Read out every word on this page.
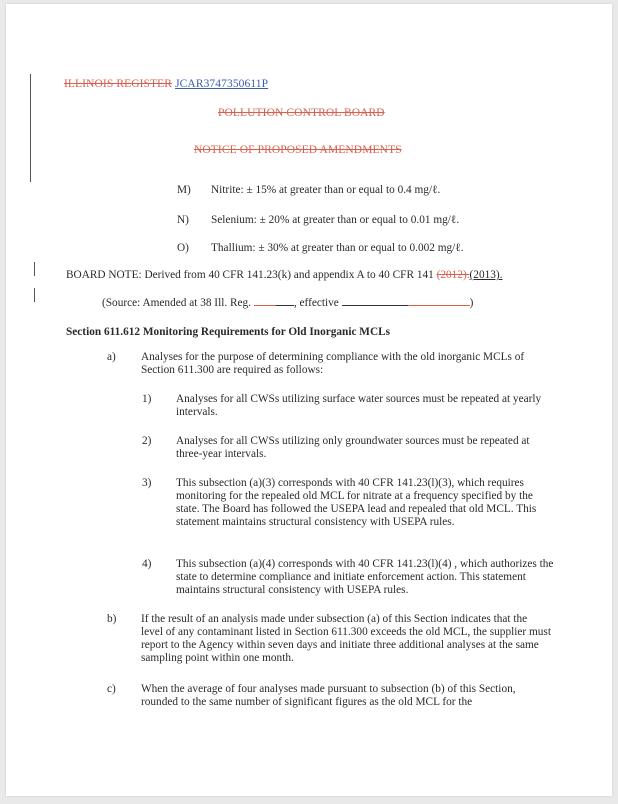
ILLINOIS REGISTER JCAR3747350611P
POLLUTION CONTROL BOARD
NOTICE OF PROPOSED AMENDMENTS
M) Nitrite: ± 15% at greater than or equal to 0.4 mg/ℓ.
N) Selenium: ± 20% at greater than or equal to 0.01 mg/ℓ.
O) Thallium: ± 30% at greater than or equal to 0.002 mg/ℓ.
BOARD NOTE: Derived from 40 CFR 141.23(k) and appendix A to 40 CFR 141 (2012).(2013).
(Source: Amended at 38 Ill. Reg.	, effective	)
Section 611.612 Monitoring Requirements for Old Inorganic MCLs
a) Analyses for the purpose of determining compliance with the old inorganic MCLs of Section 611.300 are required as follows:
1) Analyses for all CWSs utilizing surface water sources must be repeated at yearly intervals.
2) Analyses for all CWSs utilizing only groundwater sources must be repeated at three-year intervals.
3) This subsection (a)(3) corresponds with 40 CFR 141.23(l)(3), which requires monitoring for the repealed old MCL for nitrate at a frequency specified by the state. The Board has followed the USEPA lead and repealed that old MCL. This statement maintains structural consistency with USEPA rules.
4) This subsection (a)(4) corresponds with 40 CFR 141.23(l)(4) , which authorizes the state to determine compliance and initiate enforcement action. This statement maintains structural consistency with USEPA rules.
b) If the result of an analysis made under subsection (a) of this Section indicates that the level of any contaminant listed in Section 611.300 exceeds the old MCL, the supplier must report to the Agency within seven days and initiate three additional analyses at the same sampling point within one month.
c) When the average of four analyses made pursuant to subsection (b) of this Section, rounded to the same number of significant figures as the old MCL for the
